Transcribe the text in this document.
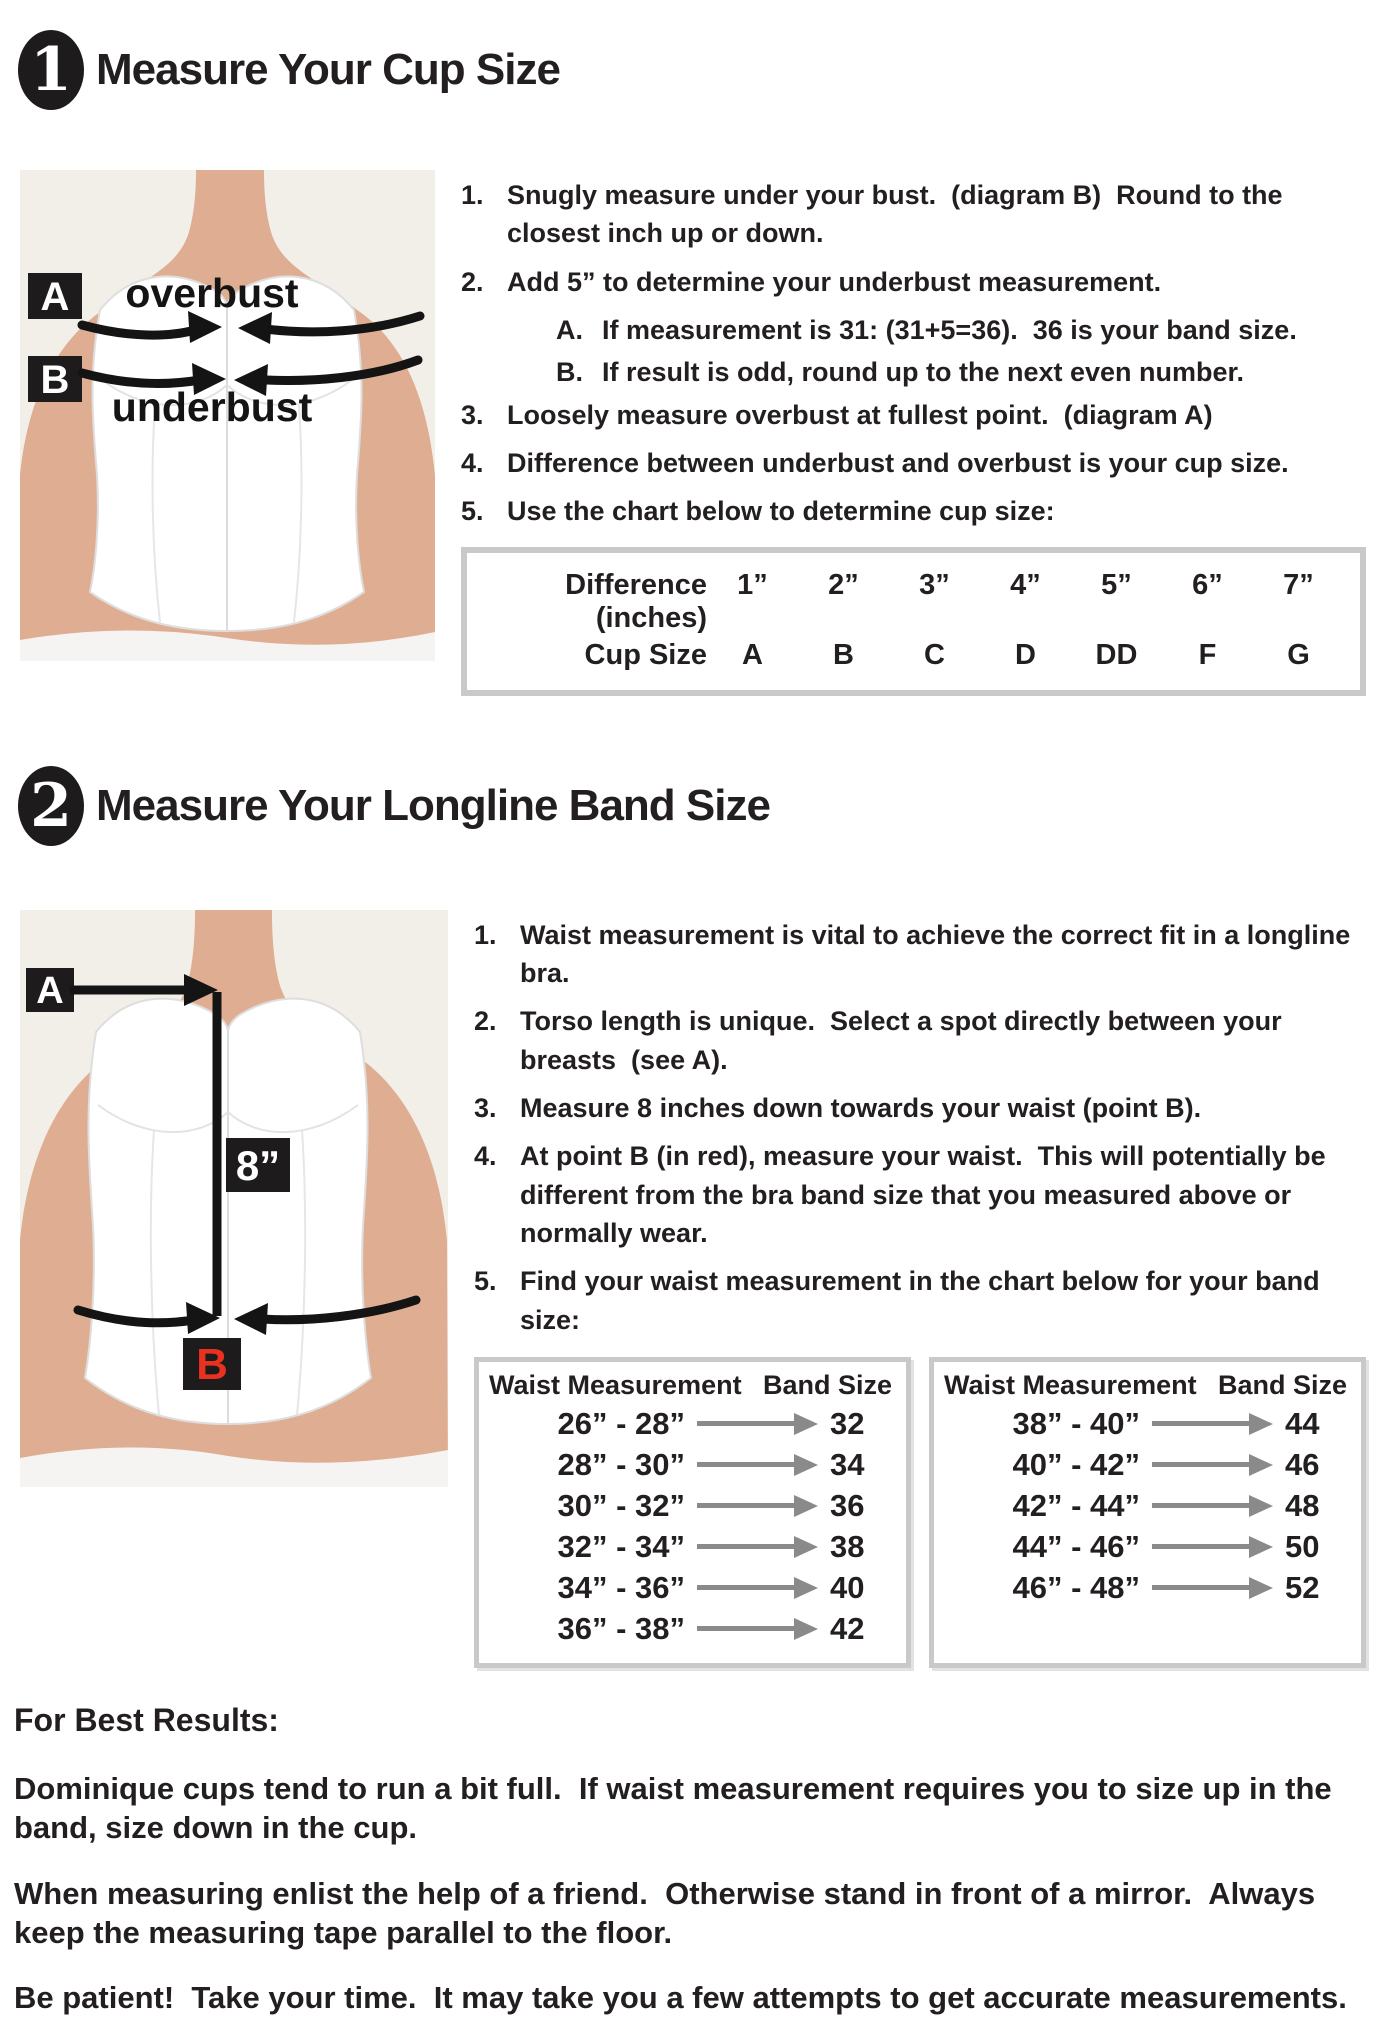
1 Measure Your Cup Size
A
B
overbust
underbust
1. Snugly measure under your bust.  (diagram B)  Round to the closest inch up or down.
2. Add 5” to determine your underbust measurement.
A. If measurement is 31: (31+5=36).  36 is your band size.
B. If result is odd, round up to the next even number.
3. Loosely measure overbust at fullest point.  (diagram A)
4. Difference between underbust and overbust is your cup size.
5. Use the chart below to determine cup size:
Difference (inches)
1”	2”	3”	4”	5”	6”	7”
Cup Size	A	B	C	D	DD	F	G
2 Measure Your Longline Band Size
A
8”
B
1. Waist measurement is vital to achieve the correct fit in a longline bra.
2. Torso length is unique.  Select a spot directly between your breasts  (see A).
3. Measure 8 inches down towards your waist (point B).
4. At point B (in red), measure your waist.  This will potentially be different from the bra band size that you measured above or normally wear.
5. Find your waist measurement in the chart below for your band size:
Waist Measurement Band Size
26” - 28”	32
28” - 30”	34
30” - 32”	36
32” - 34”	38
34” - 36”	40
36” - 38”	42
Waist Measurement Band Size
38” - 40”	44
40” - 42”	46
42” - 44”	48
44” - 46”	50
46” - 48”	52
For Best Results:

Dominique cups tend to run a bit full.  If waist measurement requires you to size up in the band, size down in the cup.

When measuring enlist the help of a friend.  Otherwise stand in front of a mirror.  Always keep the measuring tape parallel to the floor.

Be patient!  Take your time.  It may take you a few attempts to get accurate measurements.
